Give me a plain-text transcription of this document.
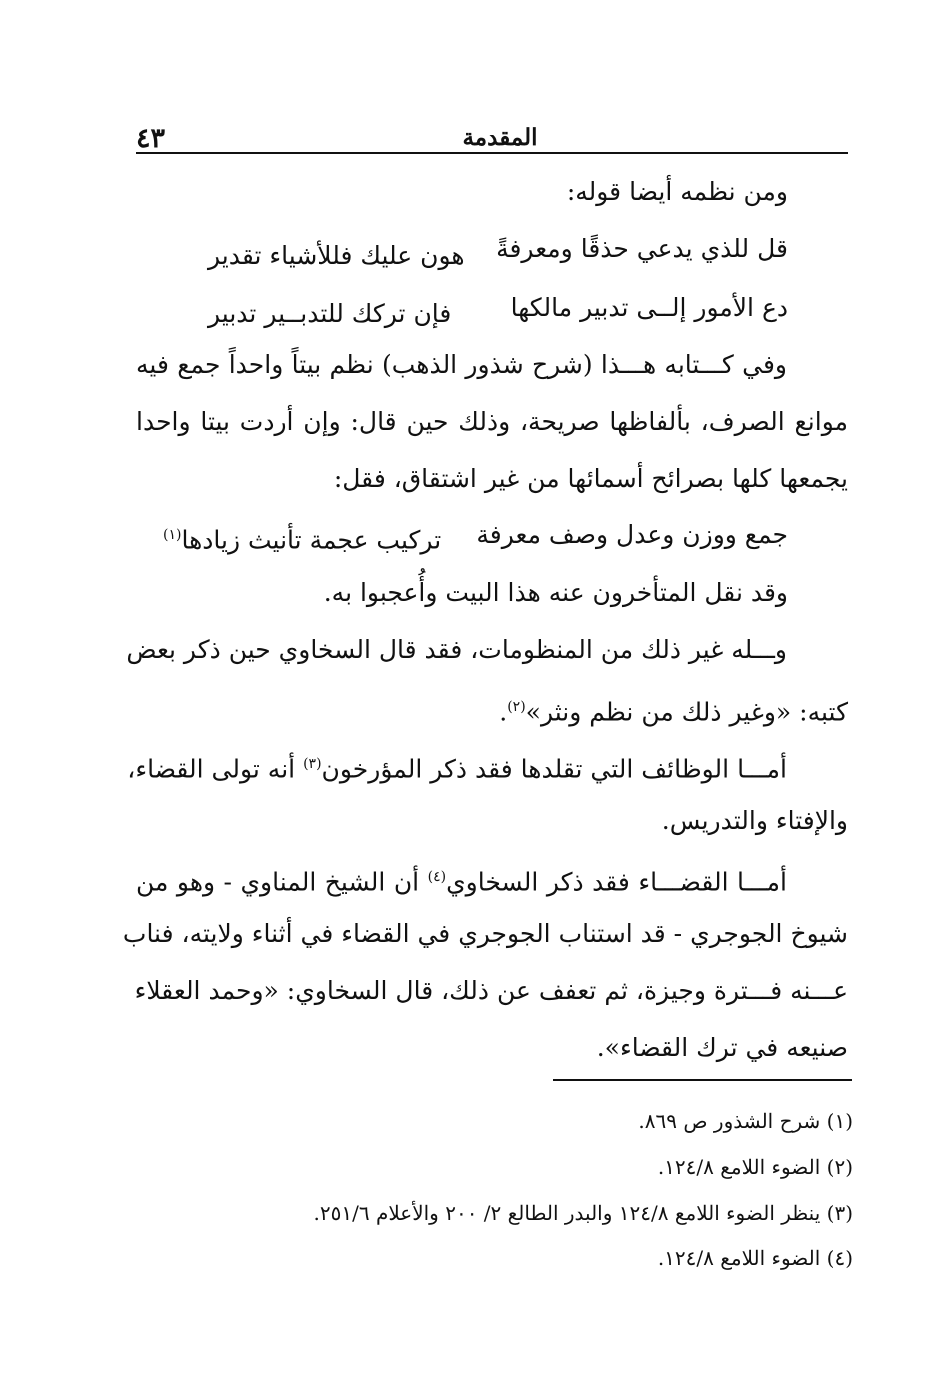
المقدمة
٤٣
ومن نظمه أيضا قوله:
قل للذي يدعي حذقًا ومعرفةً
هون عليك فللأشياء تقدير
دع الأمور إلــى تدبير مالكها
فإن تركك للتدبــير تدبير
وفي كـــتابه هـــذا (شرح شذور الذهب) نظم بيتاً واحداً جمع فيه
موانع الصرف، بألفاظها صريحة، وذلك حين قال: وإن أردت بيتا واحدا
يجمعها كلها بصرائح أسمائها من غير اشتقاق، فقل:
جمع ووزن وعدل وصف معرفة
تركيب عجمة تأنيث زيادها$^{(١)}$
وقد نقل المتأخرون عنه هذا البيت وأُعجبوا به.
وـــله غير ذلك من المنظومات، فقد قال السخاوي حين ذكر بعض
كتبه: «وغير ذلك من نظم ونثر»$^{(٢)}$.
أمـــا الوظائف التي تقلدها فقد ذكر المؤرخون$^{(٣)}$ أنه تولى القضاء،
والإفتاء والتدريس.
أمـــا القضـــاء فقد ذكر السخاوي$^{(٤)}$ أن الشيخ المناوي - وهو من
شيوخ الجوجري - قد استناب الجوجري في القضاء في أثناء ولايته، فناب
عـــنه فـــترة وجيزة، ثم تعفف عن ذلك، قال السخاوي: «وحمد العقلاء
صنيعه في ترك القضاء».
(١) شرح الشذور ص ٨٦٩.
(٢) الضوء اللامع ١٢٤/٨.
(٣) ينظر الضوء اللامع ١٢٤/٨ والبدر الطالع ٢/ ٢٠٠ والأعلام ٢٥١/٦.
(٤) الضوء اللامع ١٢٤/٨.
